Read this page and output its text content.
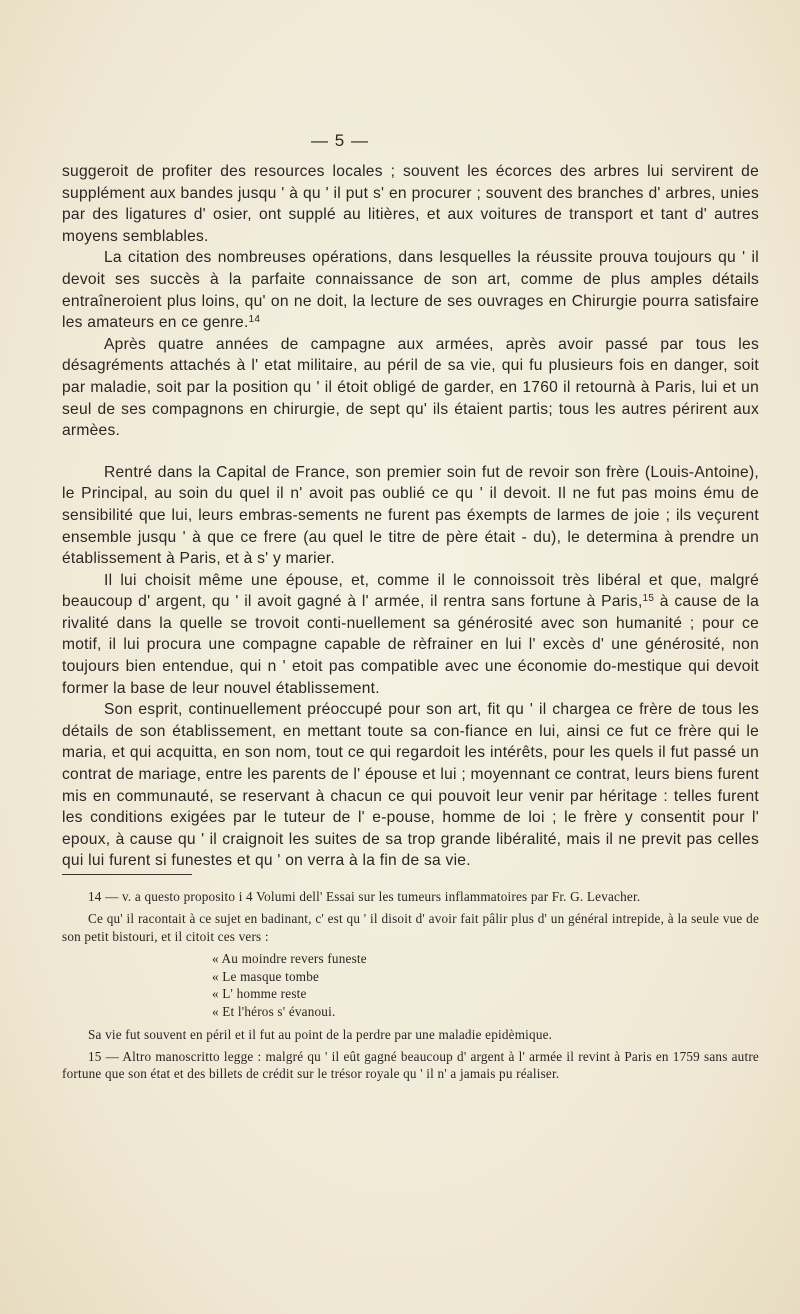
— 5 —

suggeroit de profiter des resources locales ; souvent les écorces des arbres lui servirent de supplément aux bandes jusqu ' à qu ' il put s' en procurer ; souvent des branches d' arbres, unies par des ligatures d' osier, ont supplé au litières, et aux voitures de transport et tant d' autres moyens semblables.

La citation des nombreuses opérations, dans lesquelles la réussite prouva toujours qu ' il devoit ses succès à la parfaite connaissance de son art, comme de plus amples détails entraîneroient plus loins, qu' on ne doit, la lecture de ses ouvrages en Chirurgie pourra satisfaire les amateurs en ce genre.$^{14}$

Après quatre années de campagne aux armées, après avoir passé par tous les désagréments attachés à l' etat militaire, au péril de sa vie, qui fu plusieurs fois en danger, soit par maladie, soit par la position qu ' il étoit obligé de garder, en 1760 il retournà à Paris, lui et un seul de ses compagnons en chirurgie, de sept qu' ils étaient partis; tous les autres périrent aux armèes.

Rentré dans la Capital de France, son premier soin fut de revoir son frère (Louis-Antoine), le Principal, au soin du quel il n' avoit pas oublié ce qu ' il devoit. Il ne fut pas moins ému de sensibilité que lui, leurs embras-sements ne furent pas éxempts de larmes de joie ; ils veçurent ensemble jusqu ' à que ce frere (au quel le titre de père était - du), le determina à prendre un établissement à Paris, et à s' y marier.

Il lui choisit même une épouse, et, comme il le connoissoit très libéral et que, malgré beaucoup d' argent, qu ' il avoit gagné à l' armée, il rentra sans fortune à Paris,$^{15}$ à cause de la rivalité dans la quelle se trovoit conti-nuellement sa générosité avec son humanité ; pour ce motif, il lui procura une compagne capable de rèfrainer en lui l' excès d' une générosité, non toujours bien entendue, qui n ' etoit pas compatible avec une économie do-mestique qui devoit former la base de leur nouvel établissement.

Son esprit, continuellement préoccupé pour son art, fit qu ' il chargea ce frère de tous les détails de son établissement, en mettant toute sa con-fiance en lui, ainsi ce fut ce frère qui le maria, et qui acquitta, en son nom, tout ce qui regardoit les intérêts, pour les quels il fut passé un contrat de mariage, entre les parents de l' épouse et lui ; moyennant ce contrat, leurs biens furent mis en communauté, se reservant à chacun ce qui pouvoit leur venir par héritage : telles furent les conditions exigées par le tuteur de l' e-pouse, homme de loi ; le frère y consentit pour l' epoux, à cause qu ' il craignoit les suites de sa trop grande libéralité, mais il ne previt pas celles qui lui furent si funestes et qu ' on verra à la fin de sa vie.

14 — v. a questo proposito i 4 Volumi dell' Essai sur les tumeurs inflammatoires par Fr. G. Levacher.

Ce qu' il racontait à ce sujet en badinant, c' est qu ' il disoit d' avoir fait pâlir plus d' un général intrepide, à la seule vue de son petit bistouri, et il citoit ces vers :

« Au moindre revers funeste
« Le masque tombe
« L' homme reste
« Et l'héros s' évanoui.

Sa vie fut souvent en péril et il fut au point de la perdre par une maladie epidèmique.

15 — Altro manoscritto legge : malgré qu ' il eût gagné beaucoup d' argent à l' armée il revint à Paris en 1759 sans autre fortune que son état et des billets de crédit sur le trésor royale qu ' il n' a jamais pu réaliser.
